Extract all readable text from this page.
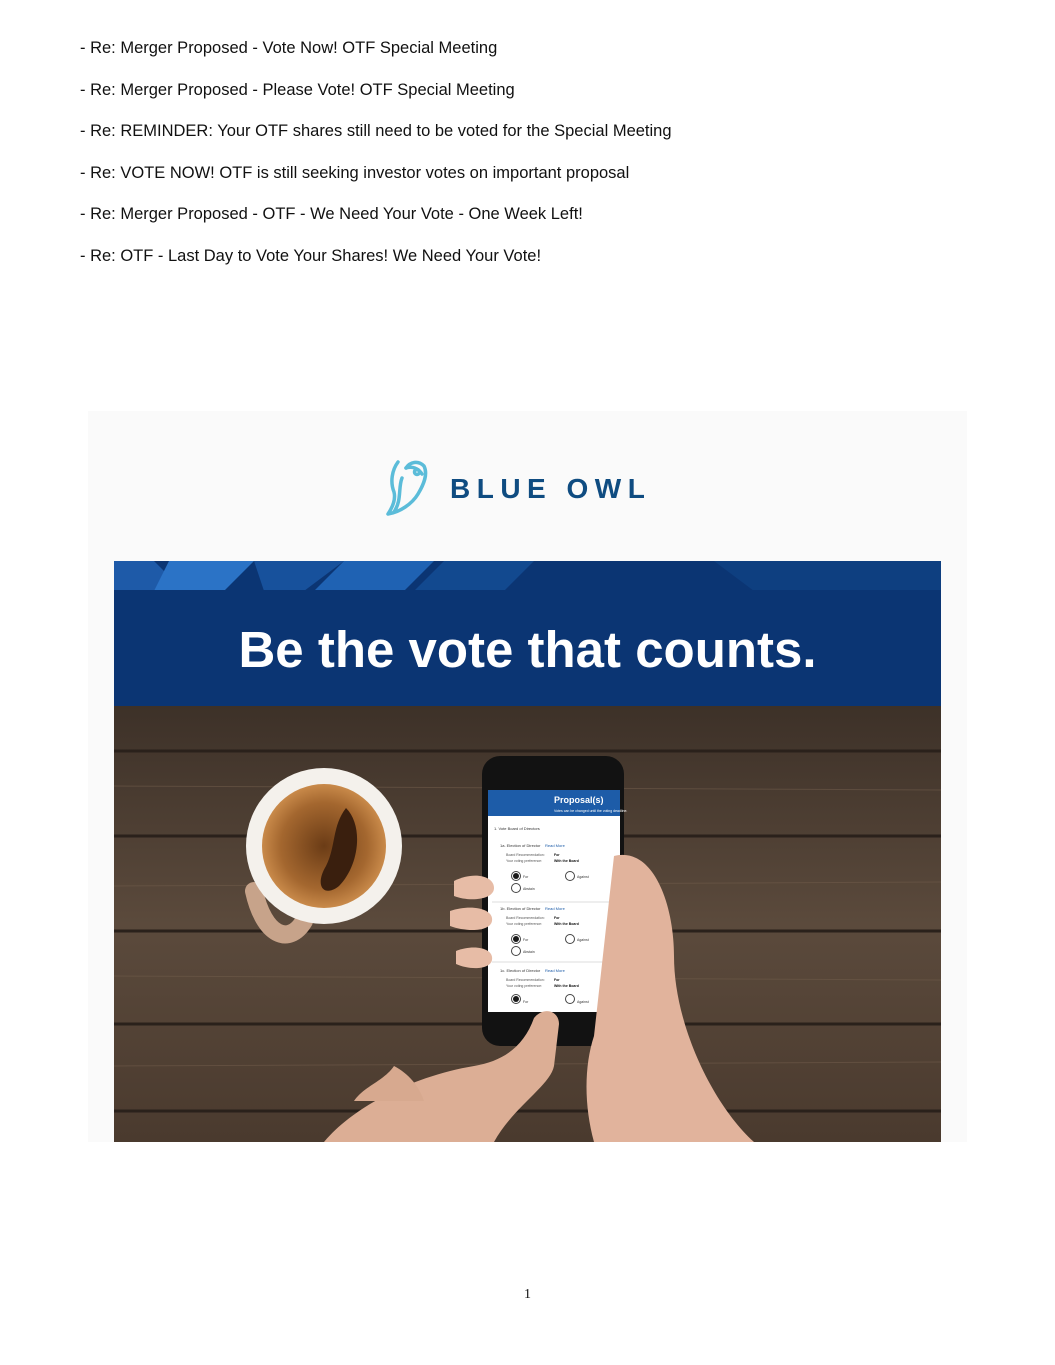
- Re: Merger Proposed - Vote Now! OTF Special Meeting
- Re: Merger Proposed - Please Vote! OTF Special Meeting
- Re: REMINDER: Your OTF shares still need to be voted for the Special Meeting
- Re: VOTE NOW! OTF is still seeking investor votes on important proposal
- Re: Merger Proposed - OTF - We Need Your Vote - One Week Left!
- Re: OTF - Last Day to Vote Your Shares! We Need Your Vote!
BLUE OWL
Be the vote that counts.
Proposal(s)
Votes can be changed until the voting deadline.
1. Vote Board of Directors
1a. Election of Director Read More
Board Recommendation:	For
Your voting preference:	With the Board
For	Against
Abstain
1b. Election of Director Read More
Board Recommendation:	For
Your voting preference:	With the Board
For	Against
Abstain
1c. Election of Director Read More
Board Recommendation:	For
Your voting preference:	With the Board
For	Against
1
